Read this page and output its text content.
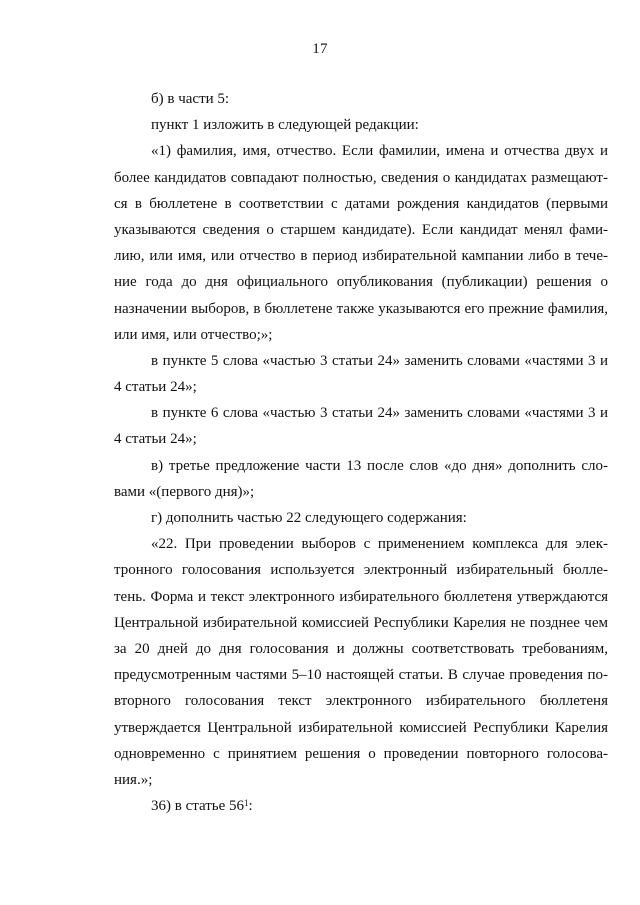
17
б) в части 5:
пункт 1 изложить в следующей редакции:
«1) фамилия, имя, отчество. Если фамилии, имена и отчества двух и
более кандидатов совпадают полностью, сведения о кандидатах размещают-
ся в бюллетене в соответствии с датами рождения кандидатов (первыми
указываются сведения о старшем кандидате). Если кандидат менял фами-
лию, или имя, или отчество в период избирательной кампании либо в тече-
ние года до дня официального опубликования (публикации) решения о
назначении выборов, в бюллетене также указываются его прежние фамилия,
или имя, или отчество;»;
в пункте 5 слова «частью 3 статьи 24» заменить словами «частями 3 и
4 статьи 24»;
в пункте 6 слова «частью 3 статьи 24» заменить словами «частями 3 и
4 статьи 24»;
в) третье предложение части 13 после слов «до дня» дополнить сло-
вами «(первого дня)»;
г) дополнить частью 22 следующего содержания:
«22. При проведении выборов с применением комплекса для элек-
тронного голосования используется электронный избирательный бюлле-
тень. Форма и текст электронного избирательного бюллетеня утверждаются
Центральной избирательной комиссией Республики Карелия не позднее чем
за 20 дней до дня голосования и должны соответствовать требованиям,
предусмотренным частями 5–10 настоящей статьи. В случае проведения по-
вторного голосования текст электронного избирательного бюллетеня
утверждается Центральной избирательной комиссией Республики Карелия
одновременно с принятием решения о проведении повторного голосова-
ния.»;
36) в статье $56^1$:
